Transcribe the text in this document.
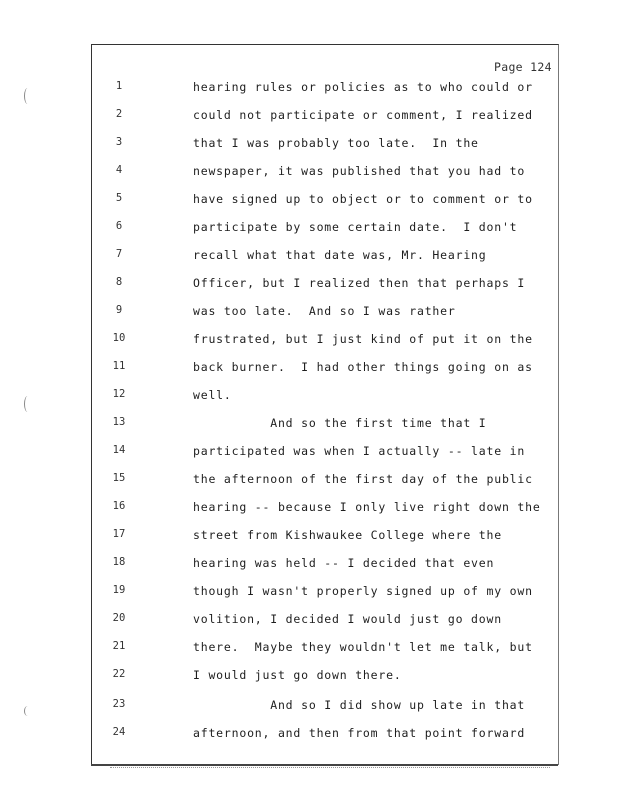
Page 124
1	hearing rules or policies as to who could or
2	could not participate or comment, I realized
3	that I was probably too late.  In the
4	newspaper, it was published that you had to
5	have signed up to object or to comment or to
6	participate by some certain date.  I don't
7	recall what that date was, Mr. Hearing
8	Officer, but I realized then that perhaps I
9	was too late.  And so I was rather
10	frustrated, but I just kind of put it on the
11	back burner.  I had other things going on as
12	well.
13	And so the first time that I
14	participated was when I actually -- late in
15	the afternoon of the first day of the public
16	hearing -- because I only live right down the
17	street from Kishwaukee College where the
18	hearing was held -- I decided that even
19	though I wasn't properly signed up of my own
20	volition, I decided I would just go down
21	there.  Maybe they wouldn't let me talk, but
22	I would just go down there.
23	And so I did show up late in that
24	afternoon, and then from that point forward
